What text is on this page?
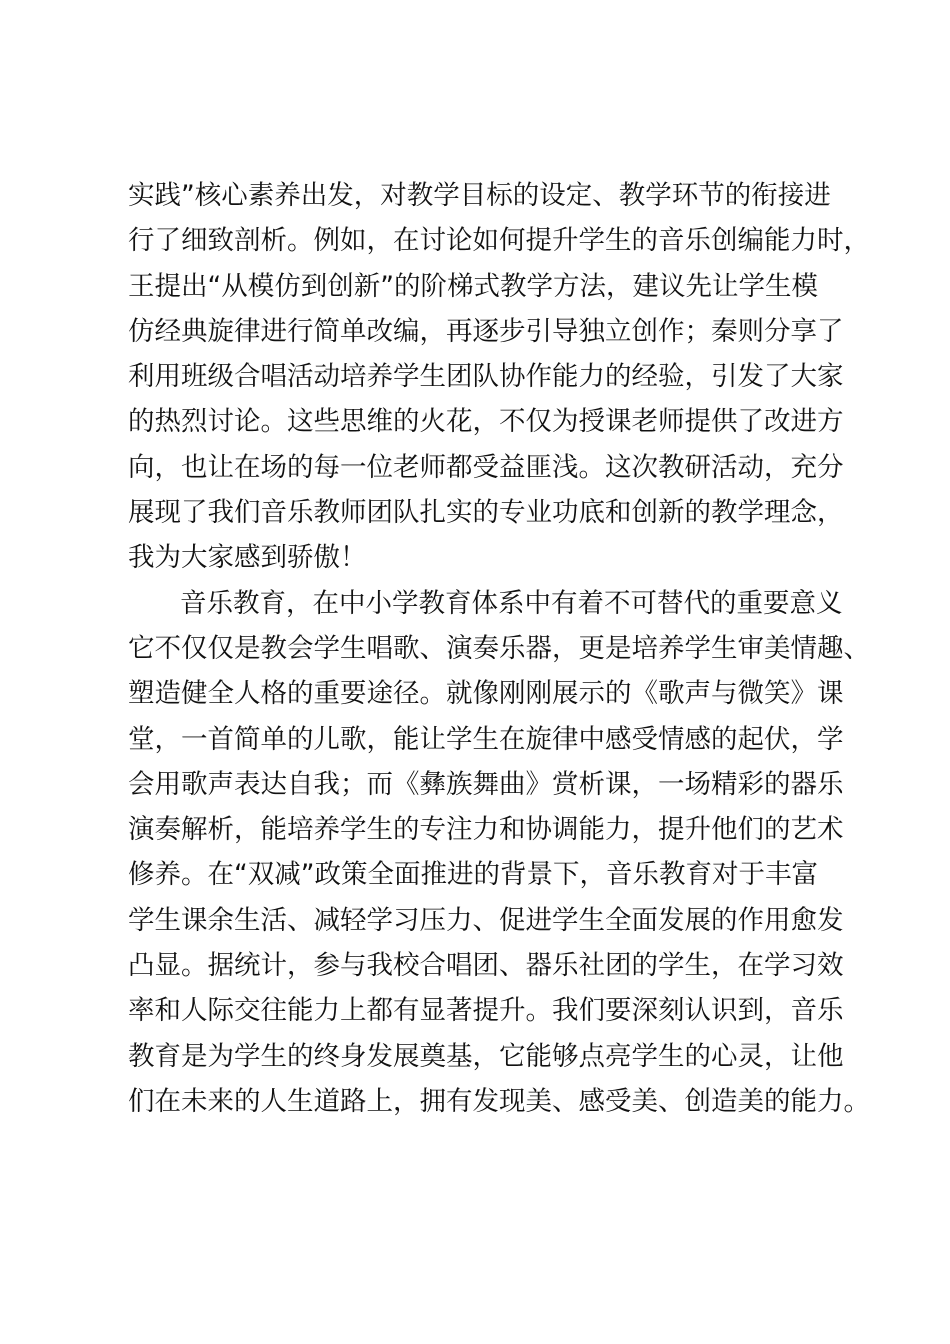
实践”核心素养出发，对教学目标的设定、教学环节的衔接进
行了细致剖析。例如，在讨论如何提升学生的音乐创编能力时，
王提出“从模仿到创新”的阶梯式教学方法，建议先让学生模
仿经典旋律进行简单改编，再逐步引导独立创作；秦则分享了
利用班级合唱活动培养学生团队协作能力的经验，引发了大家
的热烈讨论。这些思维的火花，不仅为授课老师提供了改进方
向，也让在场的每一位老师都受益匪浅。这次教研活动，充分
展现了我们音乐教师团队扎实的专业功底和创新的教学理念，
我为大家感到骄傲！
音乐教育，在中小学教育体系中有着不可替代的重要意义
它不仅仅是教会学生唱歌、演奏乐器，更是培养学生审美情趣、
塑造健全人格的重要途径。就像刚刚展示的《歌声与微笑》课
堂，一首简单的儿歌，能让学生在旋律中感受情感的起伏，学
会用歌声表达自我；而《彝族舞曲》赏析课，一场精彩的器乐
演奏解析，能培养学生的专注力和协调能力，提升他们的艺术
修养。在“双减”政策全面推进的背景下，音乐教育对于丰富
学生课余生活、减轻学习压力、促进学生全面发展的作用愈发
凸显。据统计，参与我校合唱团、器乐社团的学生，在学习效
率和人际交往能力上都有显著提升。我们要深刻认识到，音乐
教育是为学生的终身发展奠基，它能够点亮学生的心灵，让他
们在未来的人生道路上，拥有发现美、感受美、创造美的能力。
